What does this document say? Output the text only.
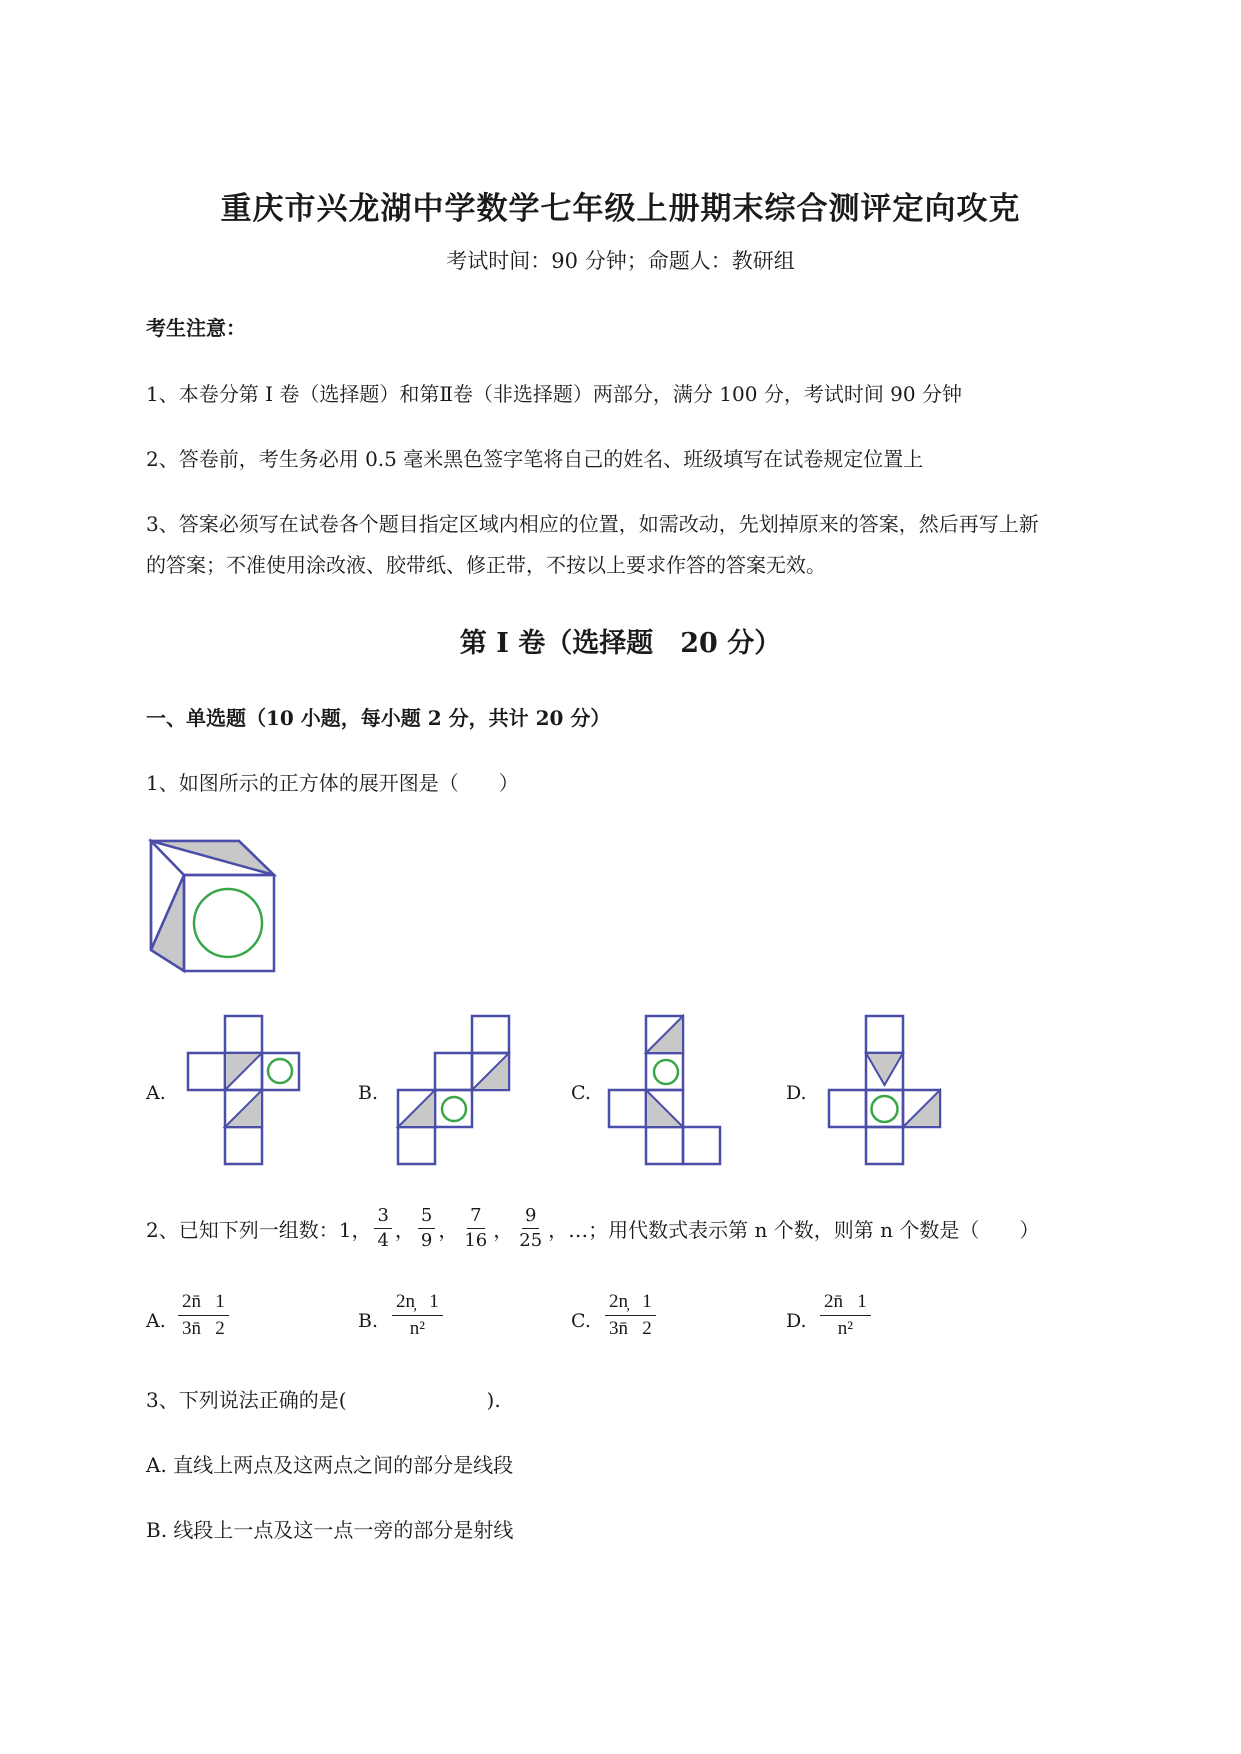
重庆市兴龙湖中学数学七年级上册期末综合测评定向攻克
考试时间：90 分钟；命题人：教研组
考生注意：
1、本卷分第 I 卷（选择题）和第Ⅱ卷（非选择题）两部分，满分 100 分，考试时间 90 分钟
2、答卷前，考生务必用 0.5 毫米黑色签字笔将自己的姓名、班级填写在试卷规定位置上
3、答案必须写在试卷各个题目指定区域内相应的位置，如需改动，先划掉原来的答案，然后再写上新
的答案；不准使用涂改液、胶带纸、修正带，不按以上要求作答的答案无效。
第 I 卷（选择题　20 分）
一、单选题（10 小题，每小题 2 分，共计 20 分）
1、如图所示的正方体的展开图是（　　）
A.	B.	C.	D.
2、已知下列一组数：1， $\frac{3}{4}$ ， $\frac{5}{9}$ ， $\frac{7}{16}$ ， $\frac{9}{25}$ ，…；用代数式表示第 n 个数，则第 n 个数是（　　）
A. $\frac{2n̄ 1}{3n̄ 2}$	B. $\frac{2n̦ 1}{\text{n²}}$	C. $\frac{2n̦ 1}{3n̄ 2}$	D. $\frac{2n̄ 1}{\text{n²}}$
3、下列说法正确的是(　　　　　　　).
A. 直线上两点及这两点之间的部分是线段
B. 线段上一点及这一点一旁的部分是射线
